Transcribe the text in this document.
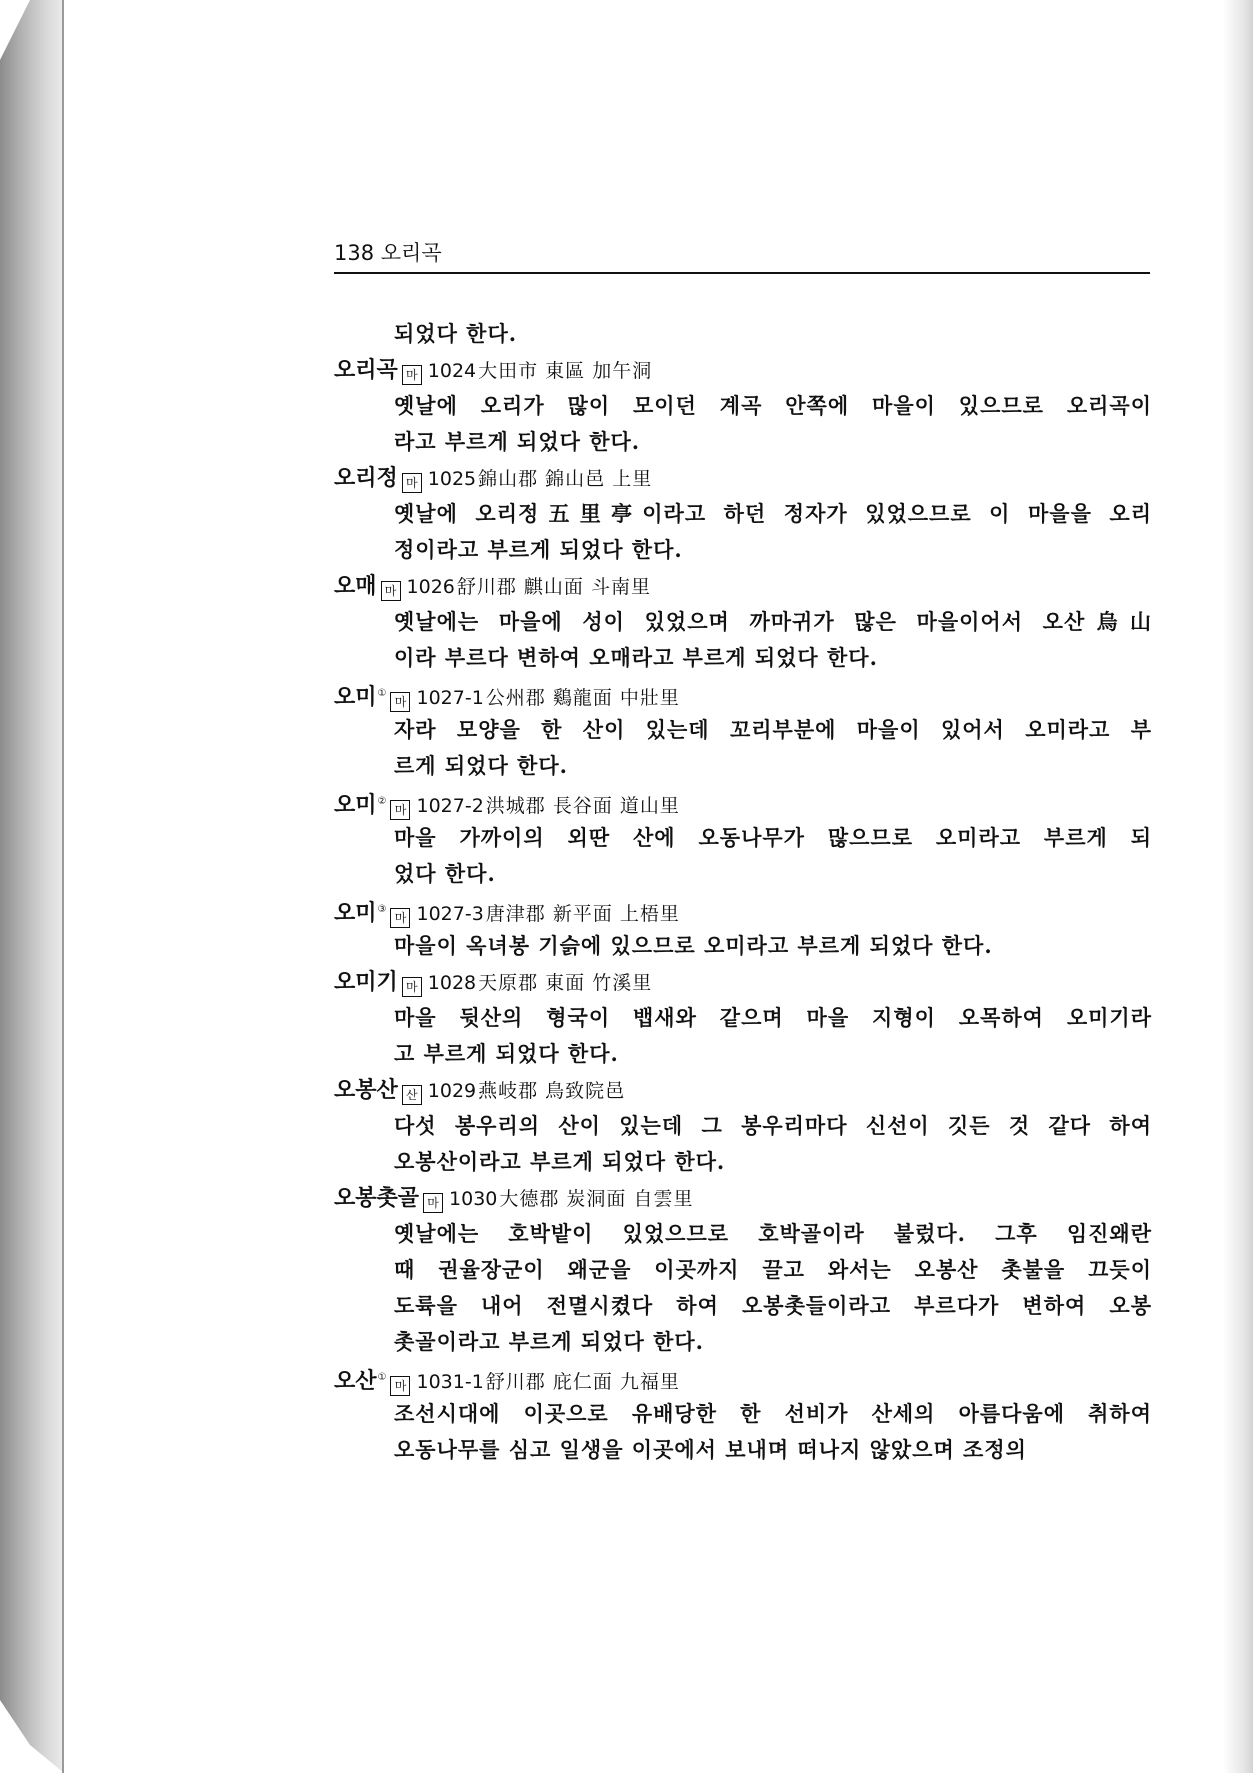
138 오리곡
되었다 한다.
오리곡 마 1024 大田市 東區 加午洞
옛날에 오리가 많이 모이던 계곡 안쪽에 마을이 있으므로 오리곡이
라고 부르게 되었다 한다.
오리정 마 1025 錦山郡 錦山邑 上里
옛날에 오리정五里亭이라고 하던 정자가 있었으므로 이 마을을 오리
정이라고 부르게 되었다 한다.
오매 마 1026 舒川郡 麒山面 斗南里
옛날에는 마을에 성이 있었으며 까마귀가 많은 마을이어서 오산烏山
이라 부르다 변하여 오매라고 부르게 되었다 한다.
오미①마 1027-1 公州郡 鷄龍面 中壯里
자라 모양을 한 산이 있는데 꼬리부분에 마을이 있어서 오미라고 부
르게 되었다 한다.
오미②마 1027-2 洪城郡 長谷面 道山里
마을 가까이의 외딴 산에 오동나무가 많으므로 오미라고 부르게 되
었다 한다.
오미③마 1027-3 唐津郡 新平面 上梧里
마을이 옥녀봉 기슭에 있으므로 오미라고 부르게 되었다 한다.
오미기 마 1028 天原郡 東面 竹溪里
마을 뒷산의 형국이 뱁새와 같으며 마을 지형이 오목하여 오미기라
고 부르게 되었다 한다.
오봉산 산 1029 燕岐郡 鳥致院邑
다섯 봉우리의 산이 있는데 그 봉우리마다 신선이 깃든 것 같다 하여
오봉산이라고 부르게 되었다 한다.
오봉촛골 마 1030 大德郡 炭洞面 自雲里
옛날에는 호박밭이 있었으므로 호박골이라 불렀다. 그후 임진왜란
때 권율장군이 왜군을 이곳까지 끌고 와서는 오봉산 촛불을 끄듯이
도륙을 내어 전멸시켰다 하여 오봉촛들이라고 부르다가 변하여 오봉
촛골이라고 부르게 되었다 한다.
오산①마 1031-1 舒川郡 庇仁面 九福里
조선시대에 이곳으로 유배당한 한 선비가 산세의 아름다움에 취하여
오동나무를 심고 일생을 이곳에서 보내며 떠나지 않았으며 조정의
